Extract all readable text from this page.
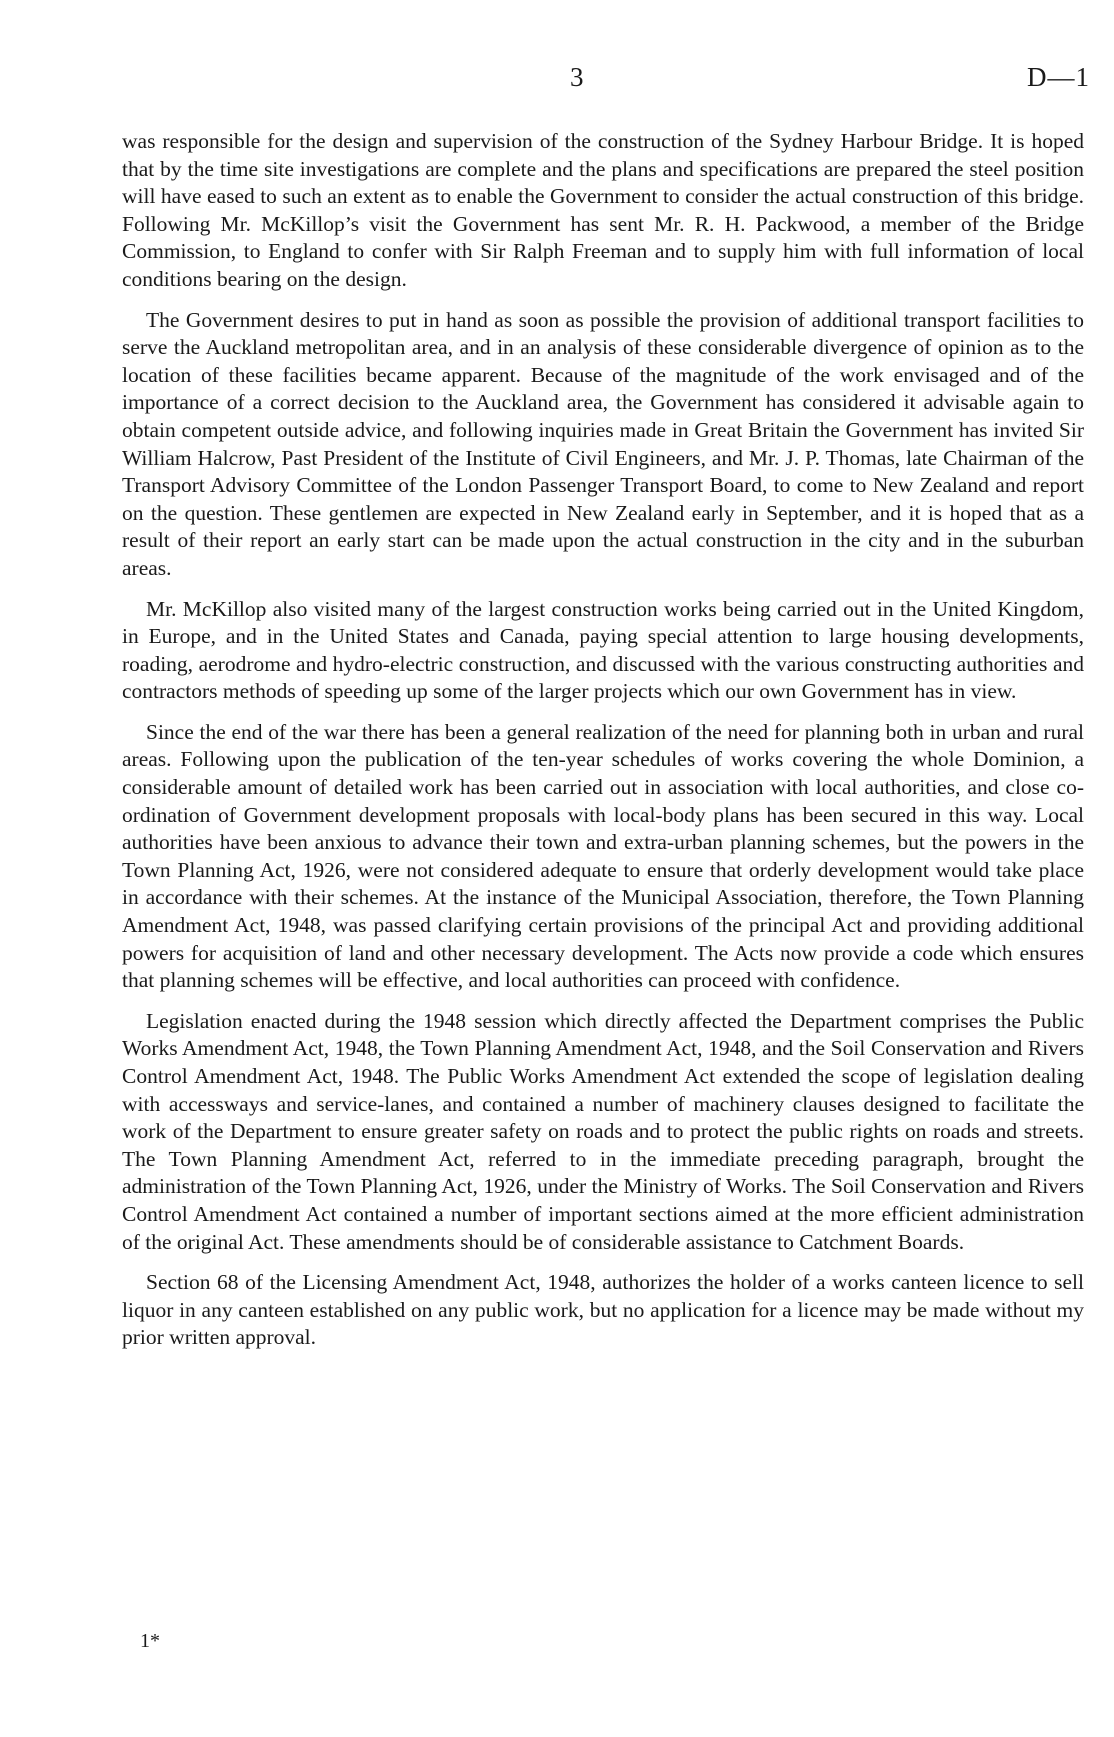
3	D—1

was responsible for the design and supervision of the construction of the Sydney Harbour Bridge. It is hoped that by the time site investigations are complete and the plans and specifications are prepared the steel position will have eased to such an extent as to enable the Government to consider the actual construction of this bridge. Following Mr. McKillop’s visit the Government has sent Mr. R. H. Packwood, a member of the Bridge Commission, to England to confer with Sir Ralph Freeman and to supply him with full information of local conditions bearing on the design.

The Government desires to put in hand as soon as possible the provision of additional transport facilities to serve the Auckland metropolitan area, and in an analysis of these considerable divergence of opinion as to the location of these facilities became apparent. Because of the magnitude of the work envisaged and of the importance of a correct decision to the Auckland area, the Government has considered it advisable again to obtain competent outside advice, and following inquiries made in Great Britain the Government has invited Sir William Halcrow, Past President of the Institute of Civil Engineers, and Mr. J. P. Thomas, late Chairman of the Transport Advisory Committee of the London Passenger Transport Board, to come to New Zealand and report on the question. These gentlemen are expected in New Zealand early in September, and it is hoped that as a result of their report an early start can be made upon the actual construction in the city and in the suburban areas.

Mr. McKillop also visited many of the largest construction works being carried out in the United Kingdom, in Europe, and in the United States and Canada, paying special attention to large housing developments, roading, aerodrome and hydro-electric construction, and discussed with the various constructing authorities and contractors methods of speeding up some of the larger projects which our own Government has in view.

Since the end of the war there has been a general realization of the need for planning both in urban and rural areas. Following upon the publication of the ten-year schedules of works covering the whole Dominion, a considerable amount of detailed work has been carried out in association with local authorities, and close co-ordination of Government development proposals with local-body plans has been secured in this way. Local authorities have been anxious to advance their town and extra-urban planning schemes, but the powers in the Town Planning Act, 1926, were not considered adequate to ensure that orderly development would take place in accordance with their schemes. At the instance of the Municipal Association, therefore, the Town Planning Amendment Act, 1948, was passed clarifying certain provisions of the principal Act and providing additional powers for acquisition of land and other necessary development. The Acts now provide a code which ensures that planning schemes will be effective, and local authorities can proceed with confidence.

Legislation enacted during the 1948 session which directly affected the Department comprises the Public Works Amendment Act, 1948, the Town Planning Amendment Act, 1948, and the Soil Conservation and Rivers Control Amendment Act, 1948. The Public Works Amendment Act extended the scope of legislation dealing with accessways and service-lanes, and contained a number of machinery clauses designed to facilitate the work of the Department to ensure greater safety on roads and to protect the public rights on roads and streets. The Town Planning Amendment Act, referred to in the immediate preceding paragraph, brought the administration of the Town Planning Act, 1926, under the Ministry of Works. The Soil Conservation and Rivers Control Amendment Act contained a number of important sections aimed at the more efficient administration of the original Act. These amendments should be of considerable assistance to Catchment Boards.

Section 68 of the Licensing Amendment Act, 1948, authorizes the holder of a works canteen licence to sell liquor in any canteen established on any public work, but no application for a licence may be made without my prior written approval.

1*
